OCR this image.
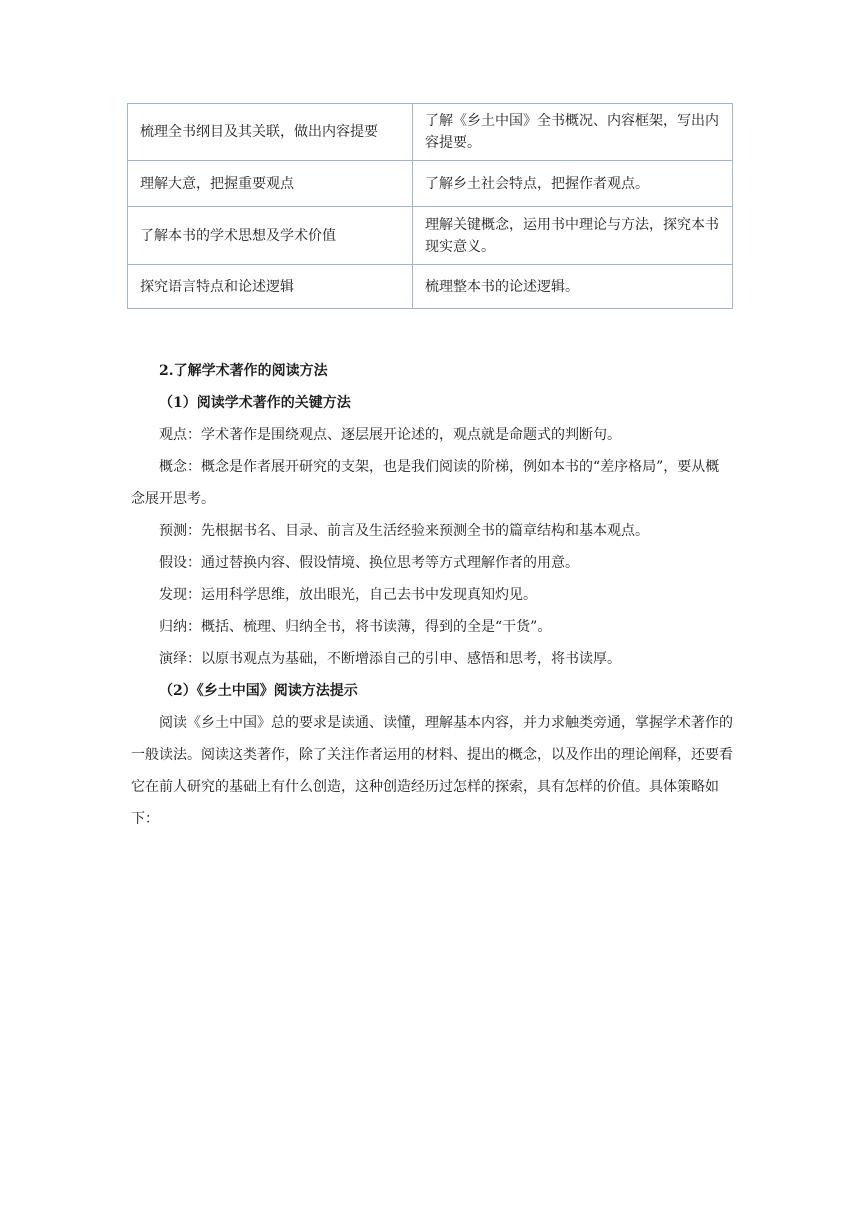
梳理全书纲目及其关联，做出内容提要	了解《乡土中国》全书概况、内容框架，写出内容提要。
理解大意，把握重要观点	了解乡土社会特点，把握作者观点。
了解本书的学术思想及学术价值	理解关键概念，运用书中理论与方法，探究本书现实意义。
探究语言特点和论述逻辑	梳理整本书的论述逻辑。

2.了解学术著作的阅读方法

（1）阅读学术著作的关键方法

观点：学术著作是围绕观点、逐层展开论述的，观点就是命题式的判断句。

概念：概念是作者展开研究的支架，也是我们阅读的阶梯，例如本书的“差序格局”，要从概念展开思考。

预测：先根据书名、目录、前言及生活经验来预测全书的篇章结构和基本观点。

假设：通过替换内容、假设情境、换位思考等方式理解作者的用意。

发现：运用科学思维，放出眼光，自己去书中发现真知灼见。

归纳：概括、梳理、归纳全书，将书读薄，得到的全是“干货”。

演绎：以原书观点为基础，不断增添自己的引申、感悟和思考，将书读厚。

（2）《乡土中国》阅读方法提示

阅读《乡土中国》总的要求是读通、读懂，理解基本内容，并力求触类旁通，掌握学术著作的一般读法。阅读这类著作，除了关注作者运用的材料、提出的概念，以及作出的理论阐释，还要看它在前人研究的基础上有什么创造，这种创造经历过怎样的探索，具有怎样的价值。具体策略如下：
